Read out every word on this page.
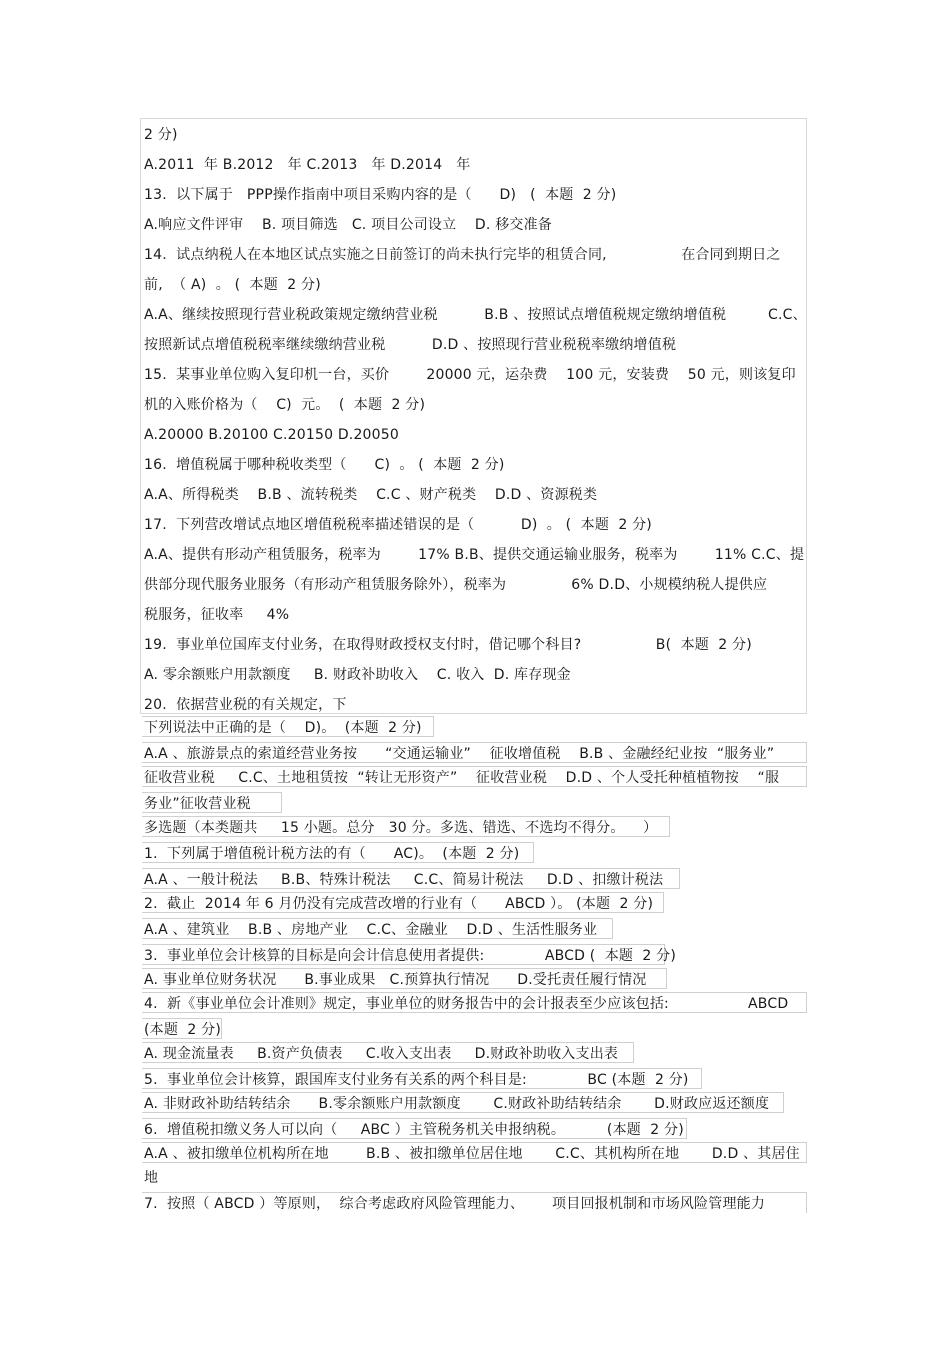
2 分)
A.2011  年 B.2012   年 C.2013   年 D.2014   年
13.  以下属于   PPP操作指南中项目采购内容的是（      D)   (  本题  2 分)
A.响应文件评审    B. 项目筛选   C. 项目公司设立    D. 移交准备
14.  试点纳税人在本地区试点实施之日前签订的尚未执行完毕的租赁合同,                在合同到期日之
前,  （ A)  。 (  本题  2 分)
A.A、继续按照现行营业税政策规定缴纳营业税          B.B 、按照试点增值税规定缴纳增值税         C.C、
按照新试点增值税税率继续缴纳营业税          D.D 、按照现行营业税税率缴纳增值税
15.  某事业单位购入复印机一台，买价        20000 元，运杂费    100 元，安装费    50 元，则该复印
机的入账价格为（    C)  元。  (  本题  2 分)
A.20000 B.20100 C.20150 D.20050
16.  增值税属于哪种税收类型（      C)  。 (  本题  2 分)
A.A、所得税类    B.B 、流转税类    C.C 、财产税类    D.D 、资源税类
17.  下列营改增试点地区增值税税率描述错误的是（          D)  。 (  本题  2 分)
A.A、提供有形动产租赁服务，税率为        17% B.B、提供交通运输业服务，税率为        11% C.C、提
供部分现代服务业服务（有形动产租赁服务除外），税率为              6% D.D、小规模纳税人提供应
税服务，征收率     4%
19.  事业单位国库支付业务，在取得财政授权支付时，借记哪个科目?                B(  本题  2 分)
A. 零余额账户用款额度     B. 财政补助收入    C. 收入  D. 库存现金
20.  依据营业税的有关规定，下
下列说法中正确的是（    D)。  (本题  2 分)
A.A 、旅游景点的索道经营业务按      “交通运输业”    征收增值税    B.B 、金融经纪业按  “服务业”
征收营业税     C.C、土地租赁按  “转让无形资产”    征收营业税    D.D 、个人受托种植植物按    “服
务业”征收营业税
多选题（本类题共     15 小题。总分   30 分。多选、错选、不选均不得分。    ）
1.  下列属于增值税计税方法的有（      AC)。  (本题  2 分)
A.A 、一般计税法     B.B、特殊计税法     C.C、简易计税法     D.D 、扣缴计税法
2.  截止  2014 年 6 月仍没有完成营改增的行业有（      ABCD ）。 (本题  2 分)
A.A 、建筑业    B.B 、房地产业    C.C、金融业    D.D 、生活性服务业
3.  事业单位会计核算的目标是向会计信息使用者提供:             ABCD (  本题  2 分)
A. 事业单位财务状况      B.事业成果   C.预算执行情况      D.受托责任履行情况
4.  新《事业单位会计准则》规定，事业单位的财务报告中的会计报表至少应该包括:                 ABCD
(本题  2 分)
A. 现金流量表     B.资产负债表     C.收入支出表     D.财政补助收入支出表
5.  事业单位会计核算，跟国库支付业务有关系的两个科目是:             BC (本题  2 分)
A. 非财政补助结转结余      B.零余额账户用款额度       C.财政补助结转结余       D.财政应返还额度
6.  增值税扣缴义务人可以向（     ABC ）主管税务机关申报纳税。         (本题  2 分)
A.A 、被扣缴单位机构所在地        B.B 、被扣缴单位居住地       C.C、其机构所在地       D.D 、其居住
地
7.  按照（ ABCD ）等原则，  综合考虑政府风险管理能力、      项目回报机制和市场风险管理能力
